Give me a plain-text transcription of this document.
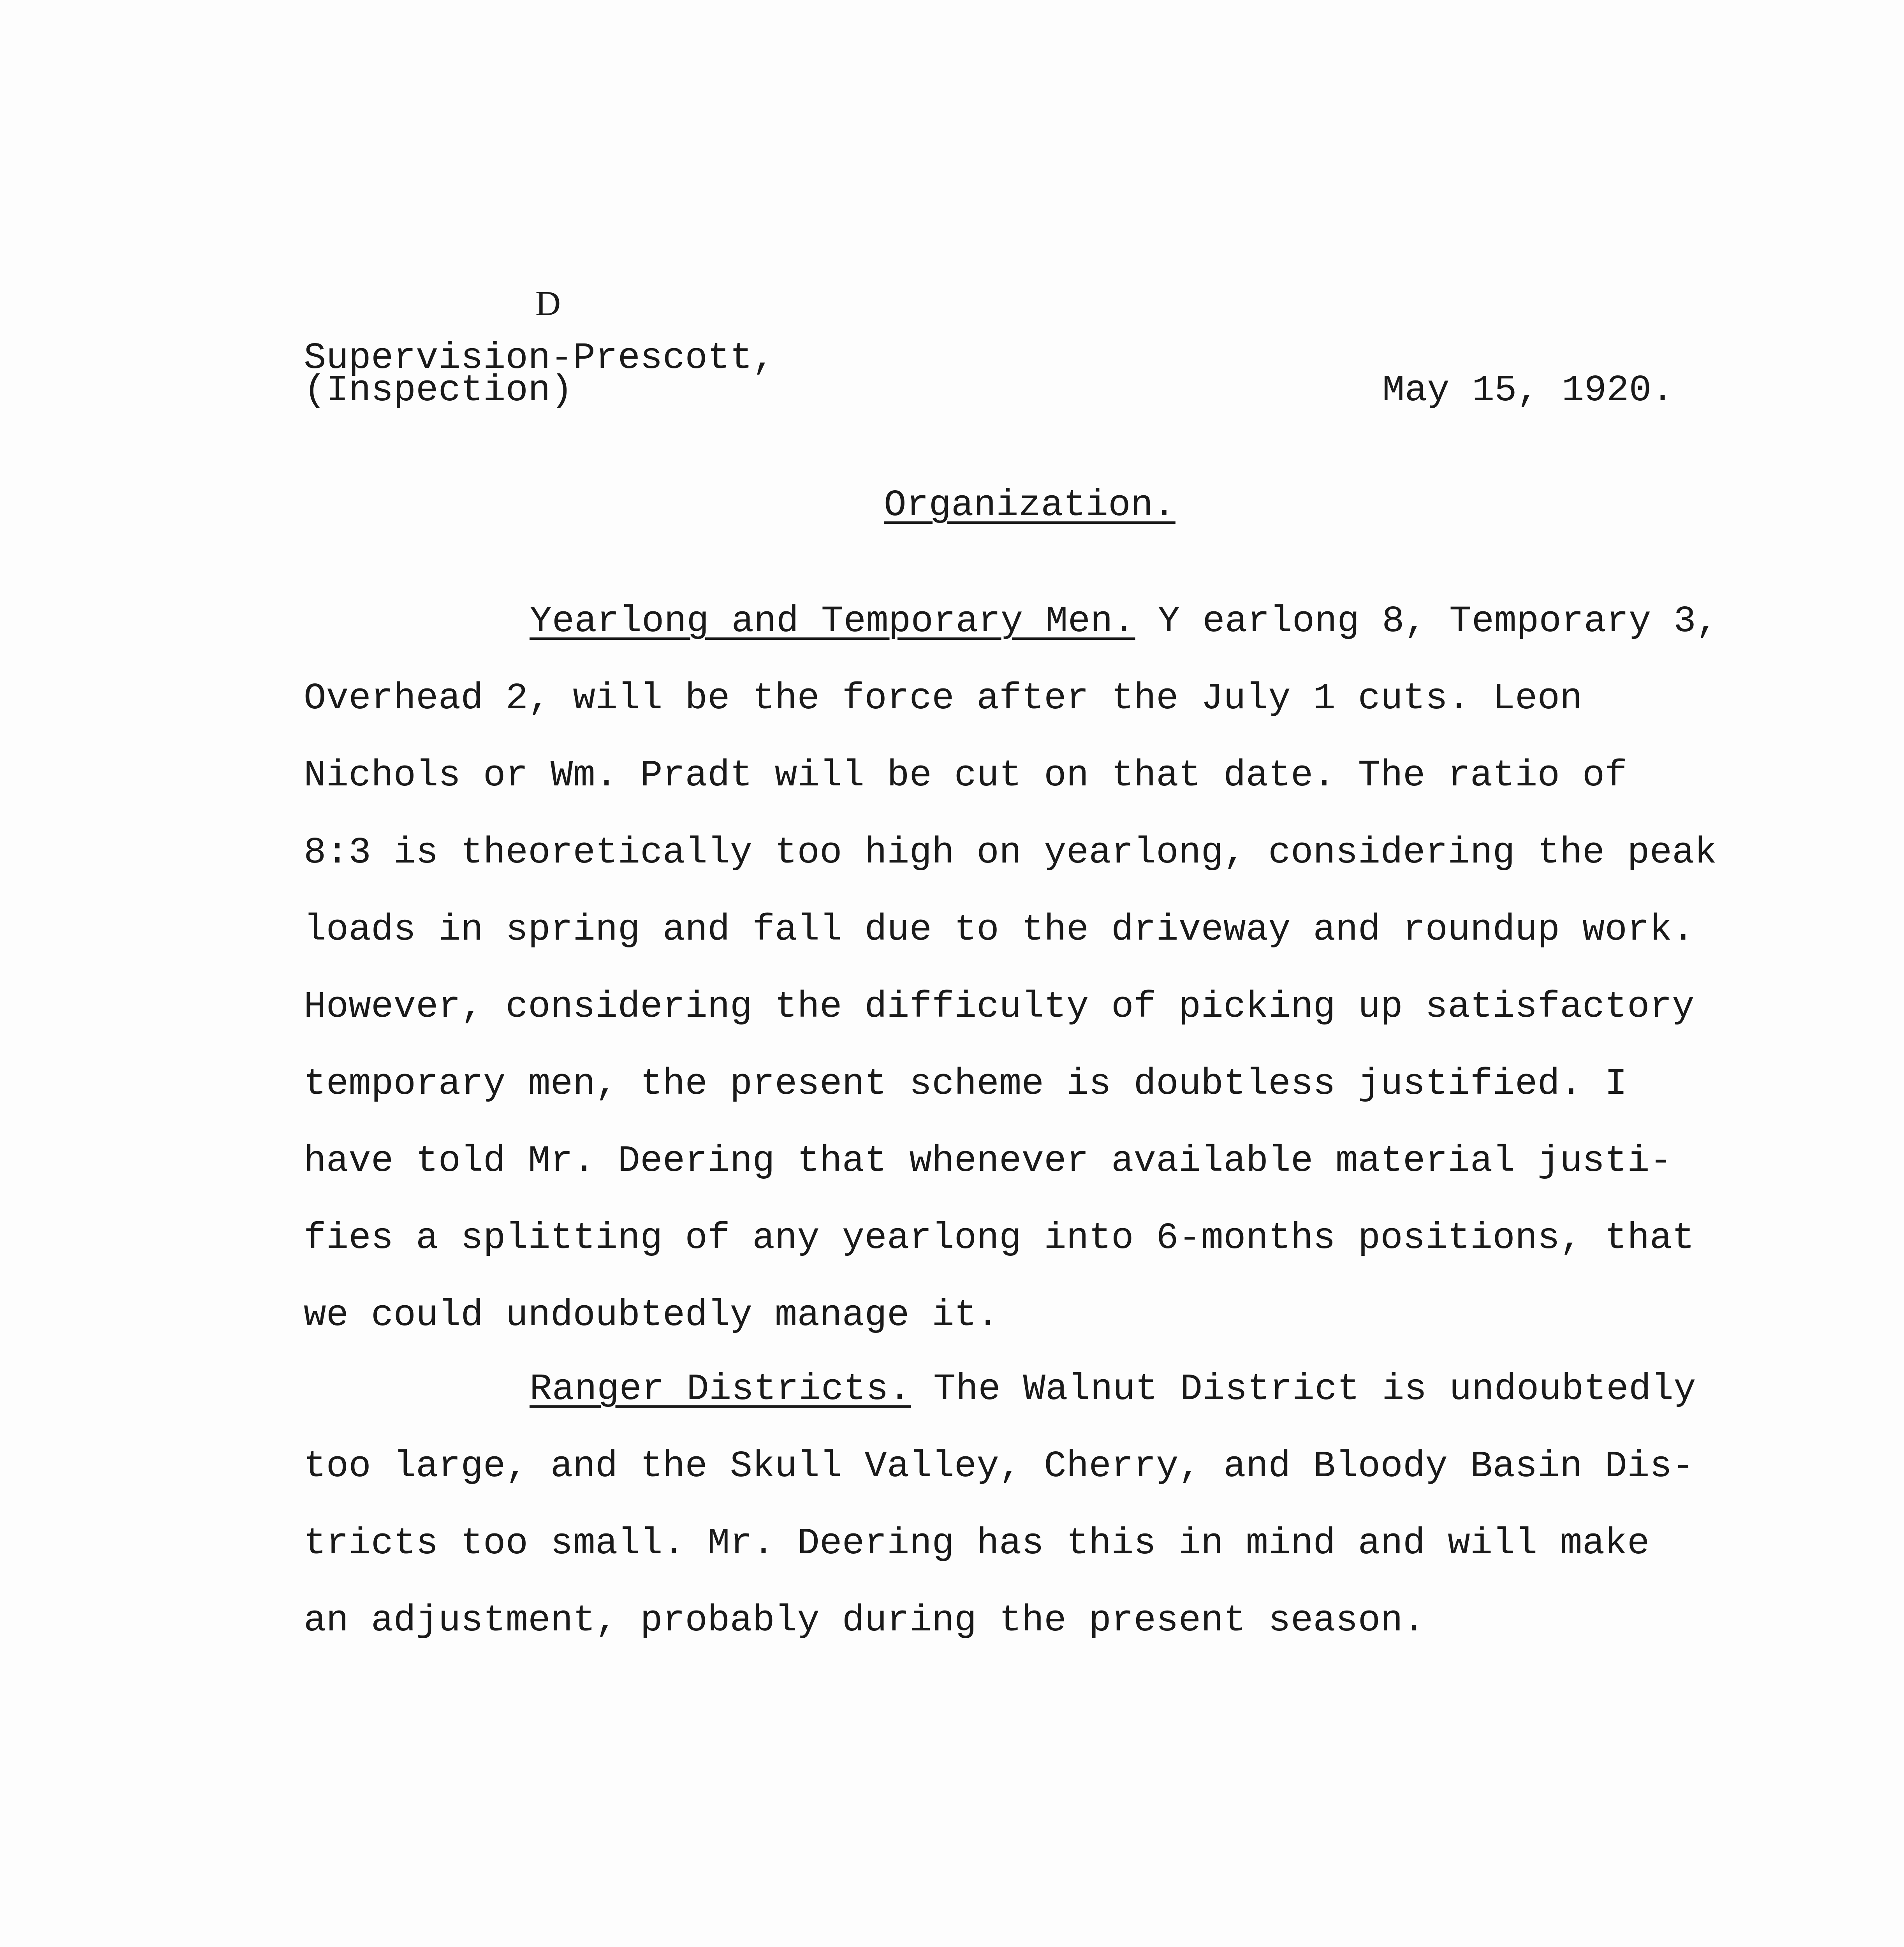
D
Supervision-Prescott,
(Inspection)	May 15, 1920.
Organization.
Yearlong and Temporary Men. Y earlong 8, Temporary 3,
Overhead 2, will be the force after the July 1 cuts. Leon
Nichols or Wm. Pradt will be cut on that date. The ratio of
8:3 is theoretically too high on yearlong, considering the peak
loads in spring and fall due to the driveway and roundup work.
However, considering the difficulty of picking up satisfactory
temporary men, the present scheme is doubtless justified. I
have told Mr. Deering that whenever available material justi-
fies a splitting of any yearlong into 6-months positions, that
we could undoubtedly manage it.
Ranger Districts. The Walnut District is undoubtedly
too large, and the Skull Valley, Cherry, and Bloody Basin Dis-
tricts too small. Mr. Deering has this in mind and will make
an adjustment, probably during the present season.
